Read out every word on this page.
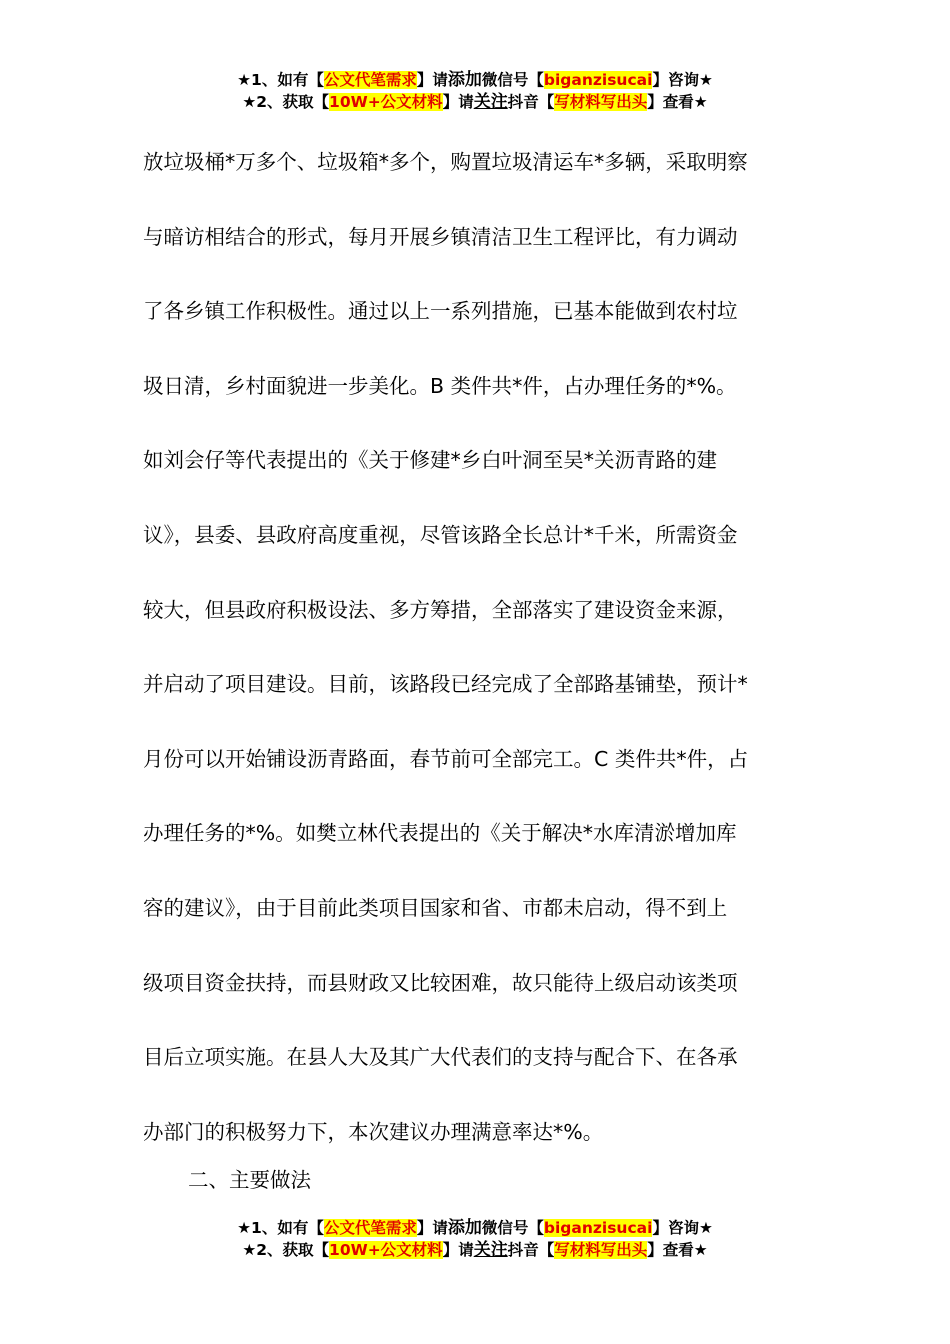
★1、如有【公文代笔需求】请添加微信号【biganzisucai】咨询★
★2、获取【10W+公文材料】请关注抖音【写材料写出头】查看★
放垃圾桶*万多个、垃圾箱*多个，购置垃圾清运车*多辆，采取明察
与暗访相结合的形式，每月开展乡镇清洁卫生工程评比，有力调动
了各乡镇工作积极性。通过以上一系列措施，已基本能做到农村垃
圾日清，乡村面貌进一步美化。B 类件共*件，占办理任务的*%。
如刘会仔等代表提出的《关于修建*乡白叶洞至吴*关沥青路的建
议》，县委、县政府高度重视，尽管该路全长总计*千米，所需资金
较大，但县政府积极设法、多方筹措，全部落实了建设资金来源，
并启动了项目建设。目前，该路段已经完成了全部路基铺垫，预计*
月份可以开始铺设沥青路面，春节前可全部完工。C 类件共*件，占
办理任务的*%。如樊立林代表提出的《关于解决*水库清淤增加库
容的建议》，由于目前此类项目国家和省、市都未启动，得不到上
级项目资金扶持，而县财政又比较困难，故只能待上级启动该类项
目后立项实施。在县人大及其广大代表们的支持与配合下、在各承
办部门的积极努力下，本次建议办理满意率达*%。
二、主要做法
★1、如有【公文代笔需求】请添加微信号【biganzisucai】咨询★
★2、获取【10W+公文材料】请关注抖音【写材料写出头】查看★
